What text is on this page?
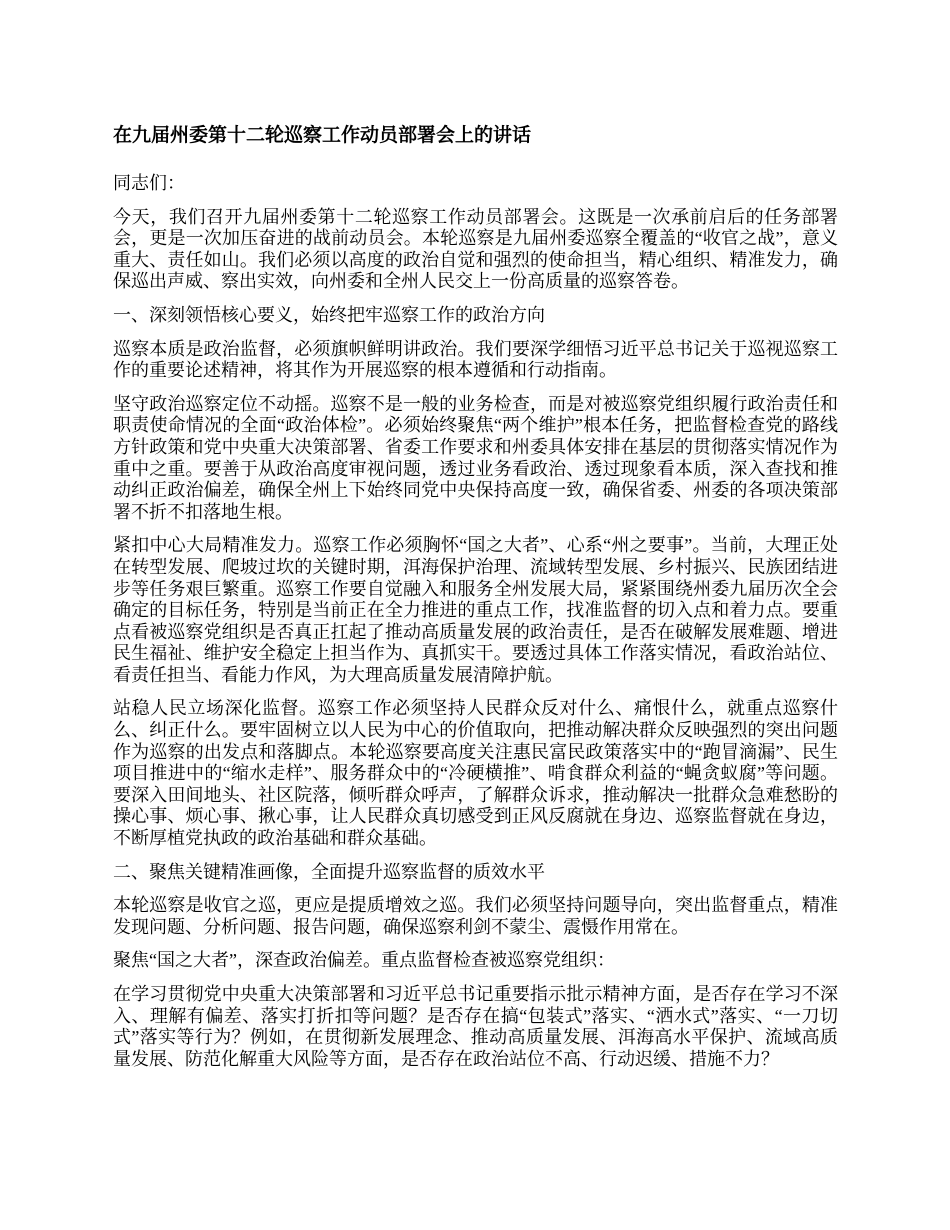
在九届州委第十二轮巡察工作动员部署会上的讲话

同志们：

今天，我们召开九届州委第十二轮巡察工作动员部署会。这既是一次承前启后的任务部署会，更是一次加压奋进的战前动员会。本轮巡察是九届州委巡察全覆盖的“收官之战”，意义重大、责任如山。我们必须以高度的政治自觉和强烈的使命担当，精心组织、精准发力，确保巡出声威、察出实效，向州委和全州人民交上一份高质量的巡察答卷。

一、深刻领悟核心要义，始终把牢巡察工作的政治方向

巡察本质是政治监督，必须旗帜鲜明讲政治。我们要深学细悟习近平总书记关于巡视巡察工作的重要论述精神，将其作为开展巡察的根本遵循和行动指南。

坚守政治巡察定位不动摇。巡察不是一般的业务检查，而是对被巡察党组织履行政治责任和职责使命情况的全面“政治体检”。必须始终聚焦“两个维护”根本任务，把监督检查党的路线方针政策和党中央重大决策部署、省委工作要求和州委具体安排在基层的贯彻落实情况作为重中之重。要善于从政治高度审视问题，透过业务看政治、透过现象看本质，深入查找和推动纠正政治偏差，确保全州上下始终同党中央保持高度一致，确保省委、州委的各项决策部署不折不扣落地生根。

紧扣中心大局精准发力。巡察工作必须胸怀“国之大者”、心系“州之要事”。当前，大理正处在转型发展、爬坡过坎的关键时期，洱海保护治理、流域转型发展、乡村振兴、民族团结进步等任务艰巨繁重。巡察工作要自觉融入和服务全州发展大局，紧紧围绕州委九届历次全会确定的目标任务，特别是当前正在全力推进的重点工作，找准监督的切入点和着力点。要重点看被巡察党组织是否真正扛起了推动高质量发展的政治责任，是否在破解发展难题、增进民生福祉、维护安全稳定上担当作为、真抓实干。要透过具体工作落实情况，看政治站位、看责任担当、看能力作风，为大理高质量发展清障护航。

站稳人民立场深化监督。巡察工作必须坚持人民群众反对什么、痛恨什么，就重点巡察什么、纠正什么。要牢固树立以人民为中心的价值取向，把推动解决群众反映强烈的突出问题作为巡察的出发点和落脚点。本轮巡察要高度关注惠民富民政策落实中的“跑冒滴漏”、民生项目推进中的“缩水走样”、服务群众中的“冷硬横推”、啃食群众利益的“蝇贪蚁腐”等问题。要深入田间地头、社区院落，倾听群众呼声，了解群众诉求，推动解决一批群众急难愁盼的操心事、烦心事、揪心事，让人民群众真切感受到正风反腐就在身边、巡察监督就在身边，不断厚植党执政的政治基础和群众基础。

二、聚焦关键精准画像，全面提升巡察监督的质效水平

本轮巡察是收官之巡，更应是提质增效之巡。我们必须坚持问题导向，突出监督重点，精准发现问题、分析问题、报告问题，确保巡察利剑不蒙尘、震慑作用常在。

聚焦“国之大者”，深查政治偏差。重点监督检查被巡察党组织：

在学习贯彻党中央重大决策部署和习近平总书记重要指示批示精神方面，是否存在学习不深入、理解有偏差、落实打折扣等问题？是否存在搞“包装式”落实、“洒水式”落实、“一刀切式”落实等行为？例如，在贯彻新发展理念、推动高质量发展、洱海高水平保护、流域高质量发展、防范化解重大风险等方面，是否存在政治站位不高、行动迟缓、措施不力？
